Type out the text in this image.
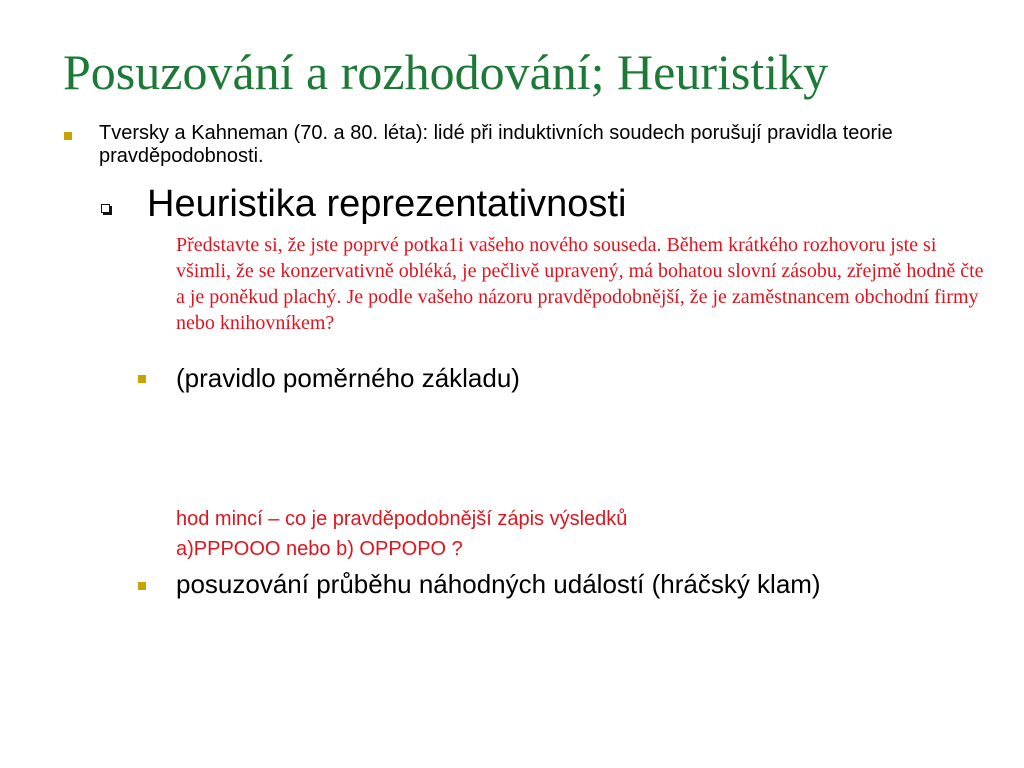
Posuzování a rozhodování; Heuristiky

Tversky a Kahneman (70. a 80. léta): lidé při induktivních soudech porušují pravidla teorie pravděpodobnosti.

Heuristika reprezentativnosti

Představte si, že jste poprvé potka1i vašeho nového souseda. Během krátkého rozhovoru jste si všimli, že se konzervativně obléká, je pečlivě upravený, má bohatou slovní zásobu, zřejmě hodně čte a je poněkud plachý. Je podle vašeho názoru pravděpodobnější, že je zaměstnancem obchodní firmy nebo knihovníkem?

(pravidlo poměrného základu)

hod mincí – co je pravděpodobnější zápis výsledků

a)PPPOOO nebo b) OPPOPO ?

posuzování průběhu náhodných událostí (hráčský klam)
